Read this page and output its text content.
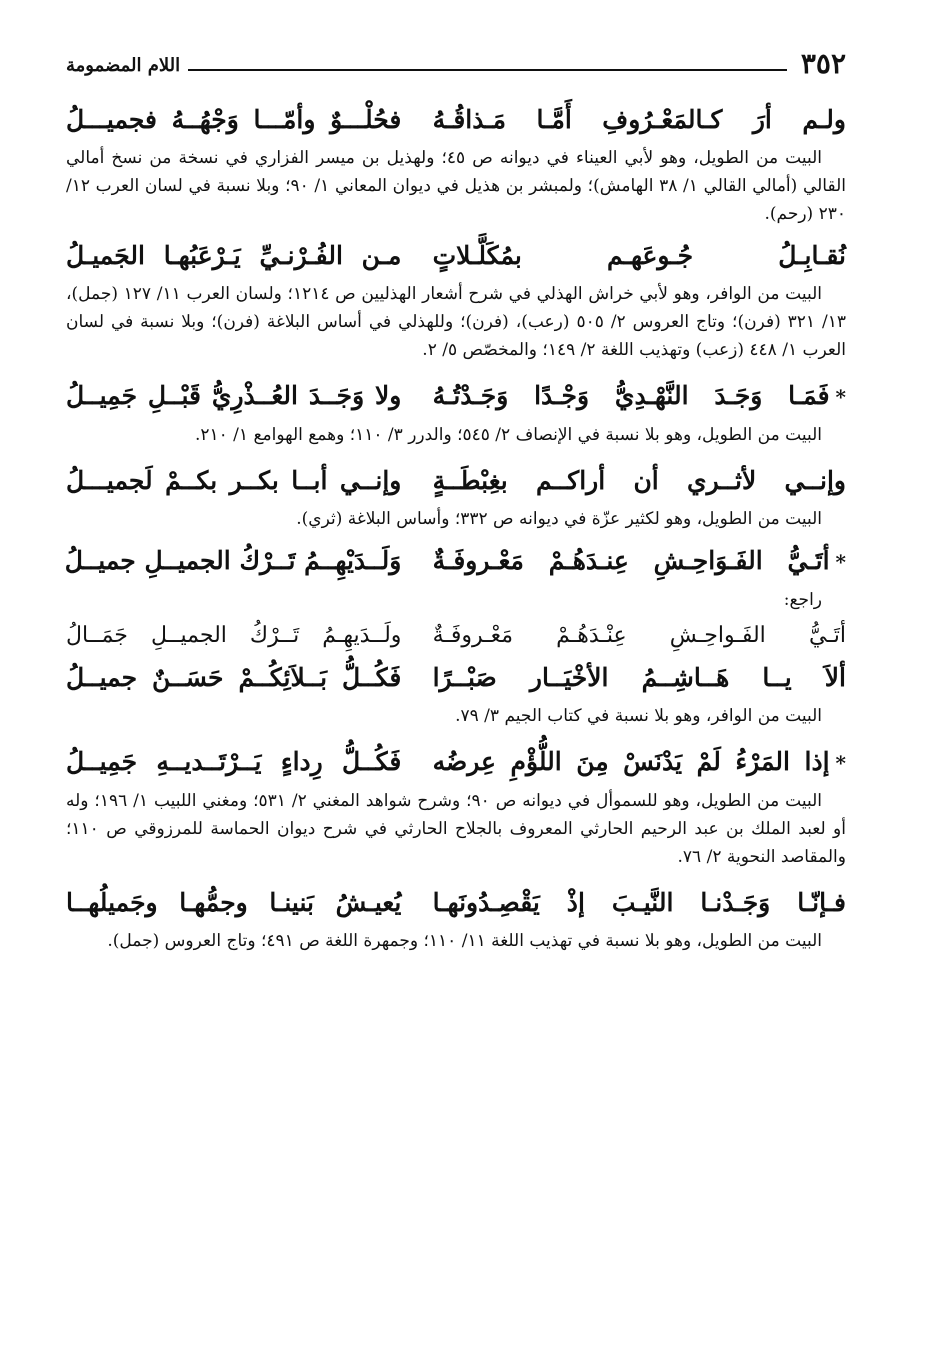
٣٥٢
اللام المضمومة
ولـم أرَ كـالمَعْـرُوفِ أَمَّـا مَـذاقُـهُ
فحُلْـــوٌ وأمّـــا وَجْهُــهُ فجميـــلُ

البيت من الطويل، وهو لأبي العيناء في ديوانه ص ٤٥؛ ولهذيل بن ميسر الفزاري في نسخة من نسخ أمالي القالي (أمالي القالي ١/ ٣٨ الهامش)؛ ولمبشر بن هذيل في ديوان المعاني ١/ ٩٠؛ وبلا نسبة في لسان العرب ١٢/ ٢٣٠ (رحم).

نُقـابِـلُ جُـوعَهـم بمُكَلَّـلاتٍ
مـن الفُـرْنـيِّ يَـرْعَبُهـا الجَميـلُ

البيت من الوافر، وهو لأبي خراش الهذلي في شرح أشعار الهذليين ص ١٢١٤؛ ولسان العرب ١١/ ١٢٧ (جمل)، ١٣/ ٣٢١ (فرن)؛ وتاج العروس ٢/ ٥٠٥ (رعب)، (فرن)؛ وللهذلي في أساس البلاغة (فرن)؛ وبلا نسبة في لسان العرب ١/ ٤٤٨ (زعب) وتهذيب اللغة ٢/ ١٤٩؛ والمخصّص ٥/ ٢.

*فَمَـا وَجَـدَ النَّهْـدِيُّ وَجْـدًا وَجَـدْتُـهُ
ولا وَجَــدَ العُــذْرِيُّ قَبْــلِ جَمِيــلُ

البيت من الطويل، وهو بلا نسبة في الإنصاف ٢/ ٥٤٥؛ والدرر ٣/ ١١٠؛ وهمع الهوامع ١/ ٢١٠.

وإنــي لأثــري أن أراكــم بغِبْطَــةٍ
وإنــي أبــا بكــر بكــمْ لَجميـــلُ

البيت من الطويل، وهو لكثير عزّة في ديوانه ص ٣٣٢؛ وأساس البلاغة (ثري).

*أتَـيُّ الفَـوَاحِـشِ عِنـدَهُـمْ مَعْـروفَـةٌ
وَلَــدَيْهِــمُ تَــرْكُ الجميــلِ جميــلُ

راجع:

أتَـيُّ الفَـواحِـشِ عِنْـدَهُـمْ مَعْـروفَـةٌ
ولَــدَيهِـمُ تَــرْكُ الجميــلِ جَمَــالُ
ألاَ يــا هَــاشِــمُ الأخْيَــار صَبْــرًا
فَكُــلُّ بَــلاَئِكُــمْ حَسَــنٌ جميــلُ

البيت من الوافر، وهو بلا نسبة في كتاب الجيم ٣/ ٧٩.

*إذا المَرْءُ لَمْ يَدْنَسْ مِنَ اللُّؤْمِ عِرضُه
فَكُــلُّ رِداءٍ يَــرْتَــديــهِ جَمِيــلُ

البيت من الطويل، وهو للسموأل في ديوانه ص ٩٠؛ وشرح شواهد المغني ٢/ ٥٣١؛ ومغني اللبيب ١/ ١٩٦؛ وله أو لعبد الملك بن عبد الرحيم الحارثي المعروف بالجلاح الحارثي في شرح ديوان الحماسة للمرزوقي ص ١١٠؛ والمقاصد النحوية ٢/ ٧٦.

فـإنّـا وَجَـدْنـا النَّيـبَ إذْ يَقْصِـدُونَهـا
يُعيـشُ بَنينـا وجمُّهـا وجَميلُهــا

البيت من الطويل، وهو بلا نسبة في تهذيب اللغة ١١/ ١١٠؛ وجمهرة اللغة ص ٤٩١؛ وتاج العروس (جمل).
